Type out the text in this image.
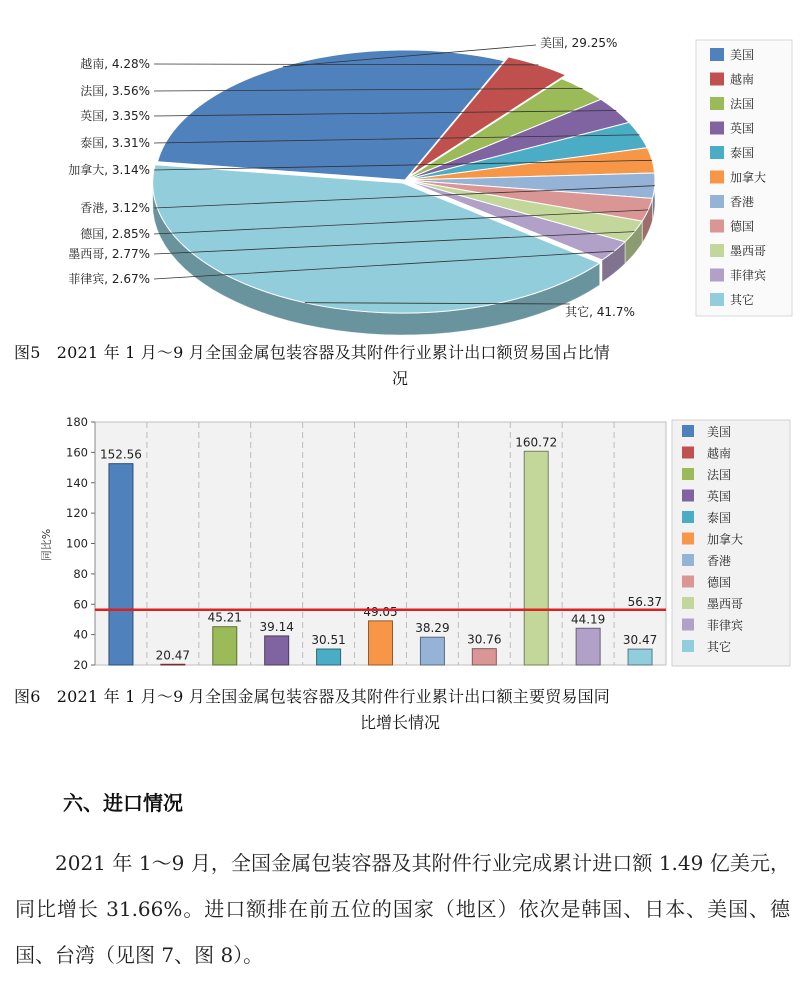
美国, 29.25%
越南, 4.28%
法国, 3.56%
英国, 3.35%
泰国, 3.31%
加拿大, 3.14%
香港, 3.12%
德国, 2.85%
墨西哥, 2.77%
菲律宾, 2.67%
其它, 41.7%
美国
越南
法国
英国
泰国
加拿大
香港
德国
墨西哥
菲律宾
其它
图5　2021 年 1 月～9 月全国金属包装容器及其附件行业累计出口额贸易国占比情
况
20
40
60
80
100
120
140
160
180
152.56
20.47
45.21
39.14
30.51
49.05
38.29
30.76
160.72
44.19
30.47
56.37
美国
越南
法国
英国
泰国
加拿大
香港
德国
墨西哥
菲律宾
其它
同比%
图6　2021 年 1 月～9 月全国金属包装容器及其附件行业累计出口额主要贸易国同
比增长情况
六、进口情况

2021 年 1～9 月，全国金属包装容器及其附件行业完成累计进口额 1.49 亿美元，同比增长 31.66%。进口额排在前五位的国家（地区）依次是韩国、日本、美国、德国、台湾（见图 7、图 8）。
